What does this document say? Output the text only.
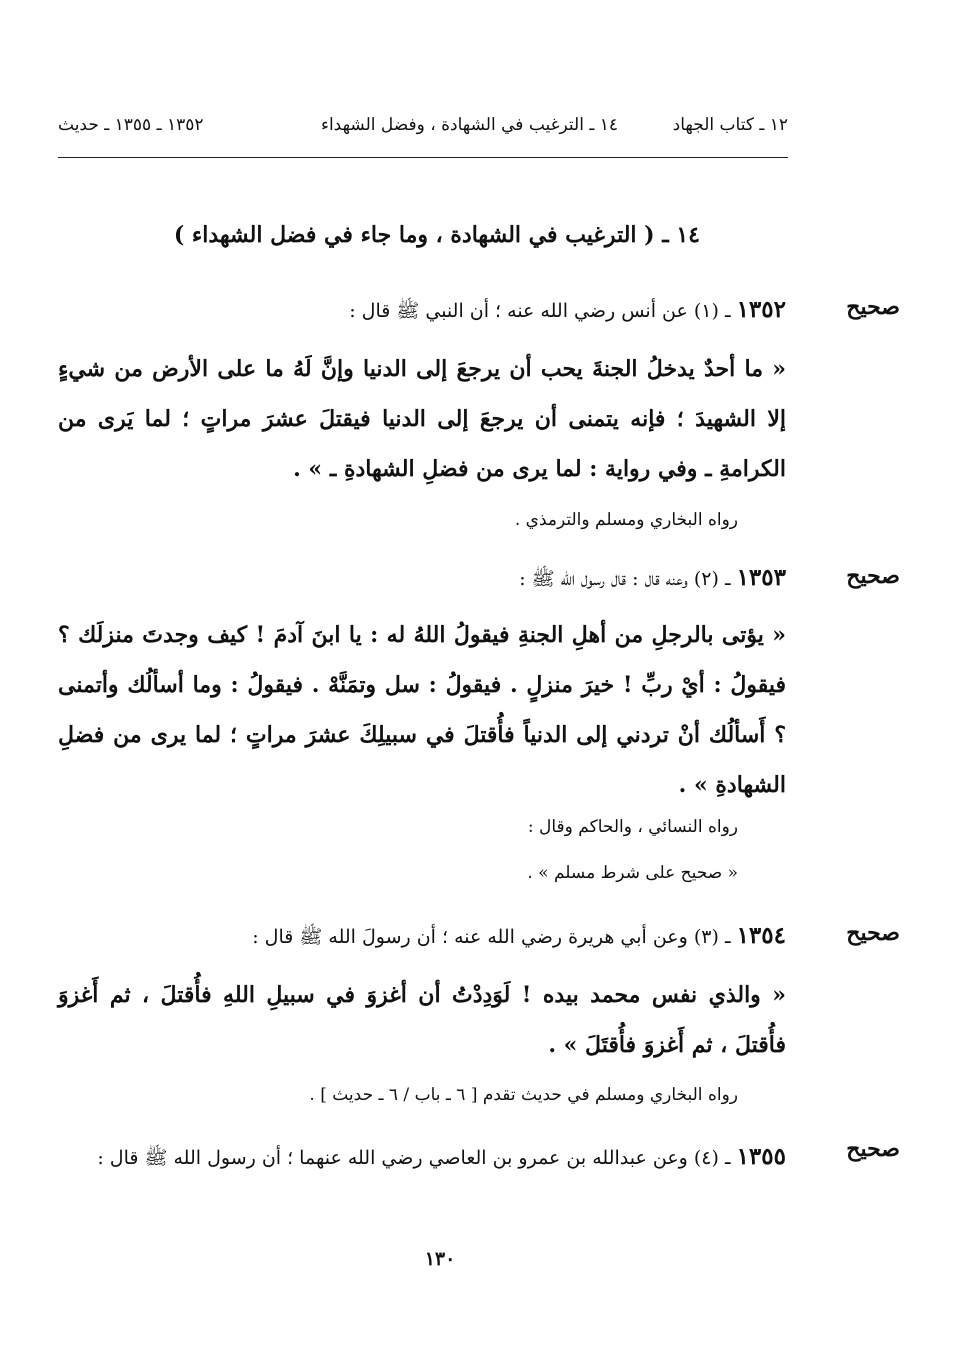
١٢ ـ كتاب الجهاد
١٤ ـ الترغيب في الشهادة ، وفضل الشهداء
١٣٥٢ ـ ١٣٥٥ ـ حديث
١٤ ـ ( الترغيب في الشهادة ، وما جاء في فضل الشهداء )
صحيح
١٣٥٢ ـ (١) عن أنس رضي الله عنه ؛ أن النبي ﷺ قال :
« ما أحدٌ يدخلُ الجنةَ يحب أن يرجعَ إلى الدنيا وإنَّ لَهُ ما على الأرض من شيءٍ إلا الشهيدَ ؛ فإنه يتمنى أن يرجعَ إلى الدنيا فيقتلَ عشرَ مراتٍ ؛ لما يَرى من الكرامةِ ـ وفي رواية : لما يرى من فضلِ الشهادةِ ـ » .
رواه البخاري ومسلم والترمذي .
صحيح
١٣٥٣ ـ (٢) وعنه قال : قال رسول الله ﷺ :
« يؤتى بالرجلِ من أهلِ الجنةِ فيقولُ اللهُ له : يا ابنَ آدمَ ! كيف وجدتَ منزلَك ؟ فيقولُ : أيْ ربِّ ! خيرَ منزلٍ . فيقولُ : سل وتمَنَّهْ . فيقولُ : وما أسألُك وأتمنى ؟ أَسألُك أنْ تردني إلى الدنياً فأُقتلَ في سبيلِكَ عشرَ مراتٍ ؛ لما يرى من فضلِ الشهادةِ » .
رواه النسائي ، والحاكم وقال :
« صحيح على شرط مسلم » .
صحيح
١٣٥٤ ـ (٣) وعن أبي هريرة رضي الله عنه ؛ أن رسولَ الله ﷺ قال :
« والذي نفس محمد بيده ! لَوَدِدْتُ أن أغزوَ في سبيلِ اللهِ فأُقتلَ ، ثم أَغزوَ فأُقتلَ ، ثم أَغزوَ فأُقتَلَ » .
رواه البخاري ومسلم في حديث تقدم [ ٦ ـ باب / ٦ ـ حديث ] .
صحيح
١٣٥٥ ـ (٤) وعن عبدالله بن عمرو بن العاصي رضي الله عنهما ؛ أن رسول الله ﷺ قال :
١٣٠
